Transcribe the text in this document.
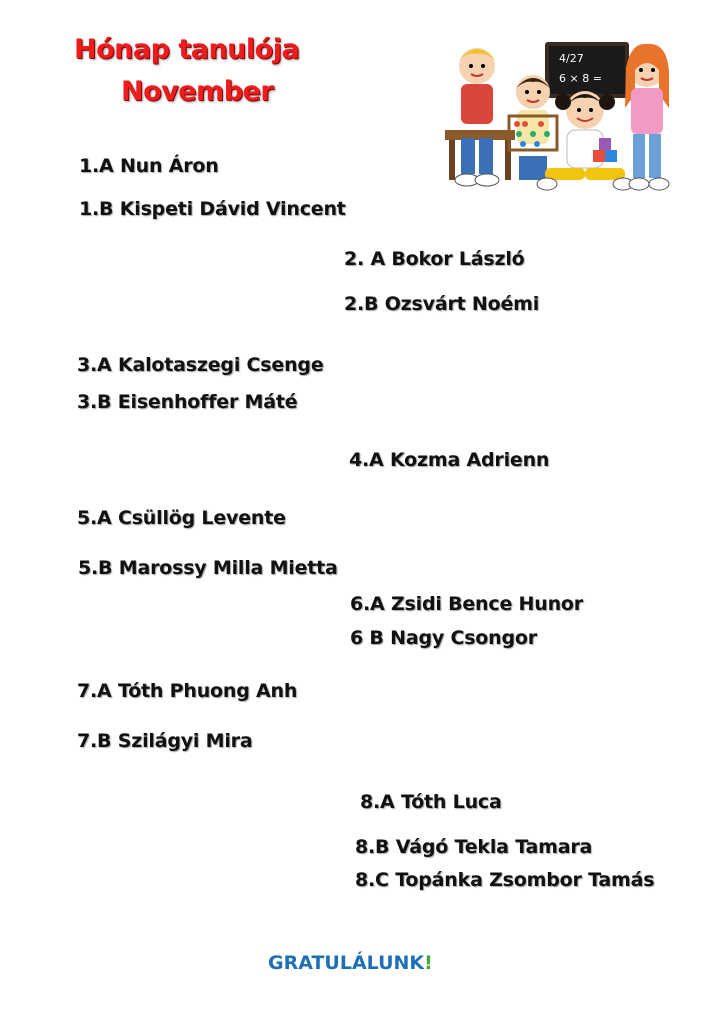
Hónap tanulója
November
4/27
6 × 8 =
1.A Nun Áron
1.B Kispeti Dávid Vincent
2. A Bokor László
2.B Ozsvárt Noémi
3.A Kalotaszegi Csenge
3.B Eisenhoffer Máté
4.A Kozma Adrienn
5.A Csüllög Levente
5.B Marossy Milla Mietta
6.A Zsidi Bence Hunor
6 B Nagy Csongor
7.A Tóth Phuong Anh
7.B Szilágyi Mira
8.A Tóth Luca
8.B Vágó Tekla Tamara
8.C Topánka Zsombor Tamás
GRATULÁLUNK!
